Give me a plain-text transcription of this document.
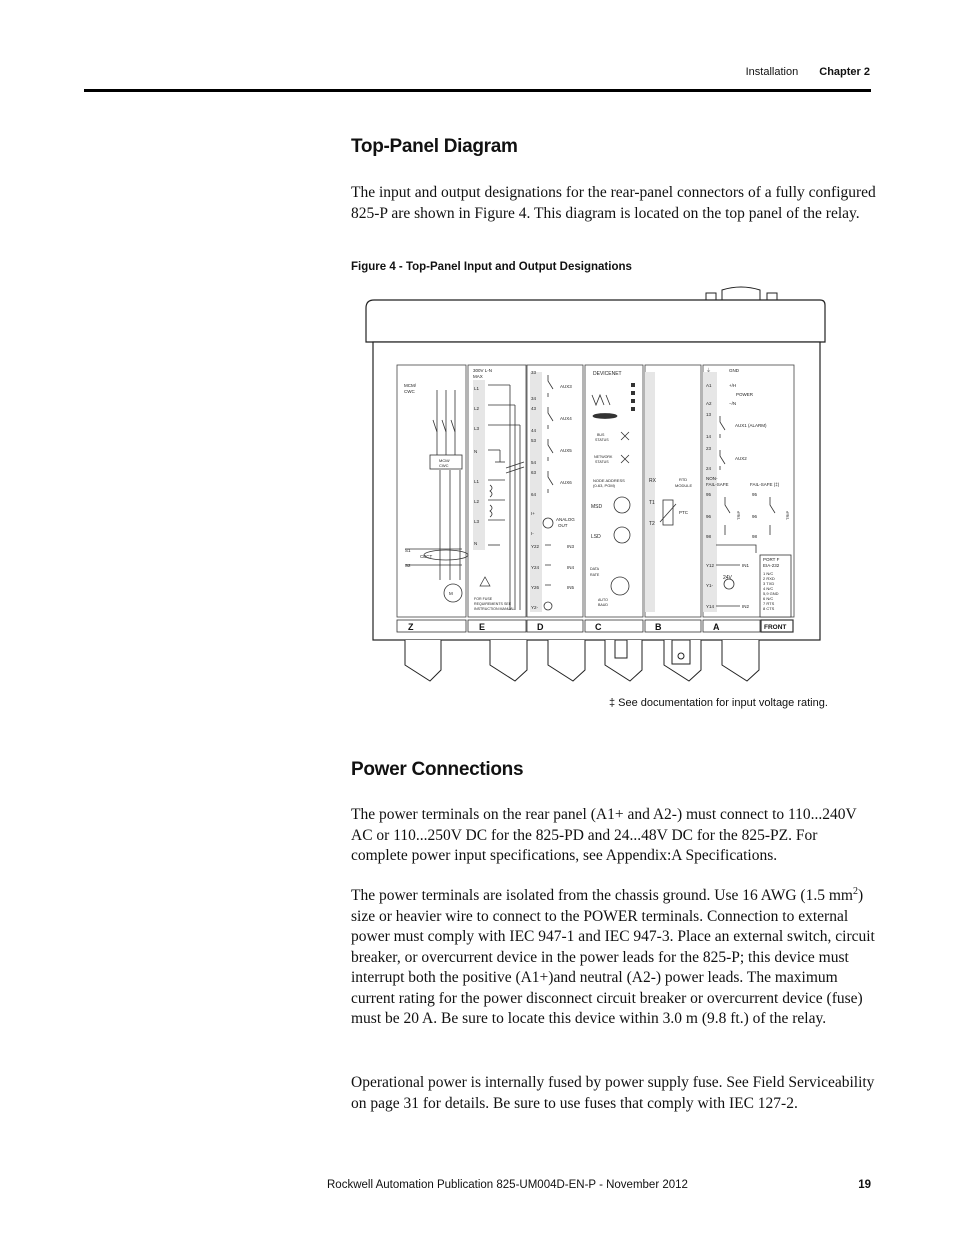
Installation Chapter 2
Top-Panel Diagram

The input and output designations for the rear-panel connectors of a fully configured 825-P are shown in Figure 4. This diagram is located on the top panel of the relay.

Figure 4 - Top-Panel Input and Output Designations
MCM/
CWC
MCM/
CWC
S1
S2
CBCT
M
300V L-N
MAX
L1
L2
L3
N
L1
L2
L3
N
FOR FUSE
REQUIREMENTS SEE
INSTRUCTION MANUAL
33
34
43
44
53
54
63
64
AUX3
AUX4
AUX5
AUX6
I+
I-
ANALOG
OUT
Y22
Y24
Y26
Y2-
IN3
IN4
IN5
DEVICENET
BUS
STATUS
NETWORK
STATUS
NODE ADDRESS
(0-63, PGM)
MSD
LSD
DATA
RATE
AUTO
BAUD
RX	RTD
MODULE
T1
T2
PTC
⏚	GND
A1
A2
+/H
−/N
POWER
13
14
AUX1 (ALARM)
23
24
AUX2
NON-
FAIL-SAFE	FAIL-SAFE (‡)
95
96
98
95
96
98
TRIP	TRIP
Y12
Y1-
Y14
24V
IN1
IN2
PORT F
EIA-232
1 N/C
2 RXD
3 TXD
4 N/C
5,9 GND
6 N/C
7 RTS
8 CTS
Z	E	D	C	B	A	FRONT
‡ See documentation for input voltage rating.
Power Connections

The power terminals on the rear panel (A1+ and A2-) must connect to 110...240V AC or 110...250V DC for the 825-PD and 24...48V DC for the 825-PZ. For complete power input specifications, see Appendix:A Specifications.

The power terminals are isolated from the chassis ground. Use 16 AWG (1.5 $mm^2$) size or heavier wire to connect to the POWER terminals. Connection to external power must comply with IEC 947-1 and IEC 947-3. Place an external switch, circuit breaker, or overcurrent device in the power leads for the 825-P; this device must interrupt both the positive (A1+)and neutral (A2-) power leads. The maximum current rating for the power disconnect circuit breaker or overcurrent device (fuse) must be 20 A. Be sure to locate this device within 3.0 m (9.8 ft.) of the relay.

Operational power is internally fused by power supply fuse. See Field Serviceability on page 31 for details. Be sure to use fuses that comply with IEC 127-2.

Rockwell Automation Publication 825-UM004D-EN-P - November 2012	19
